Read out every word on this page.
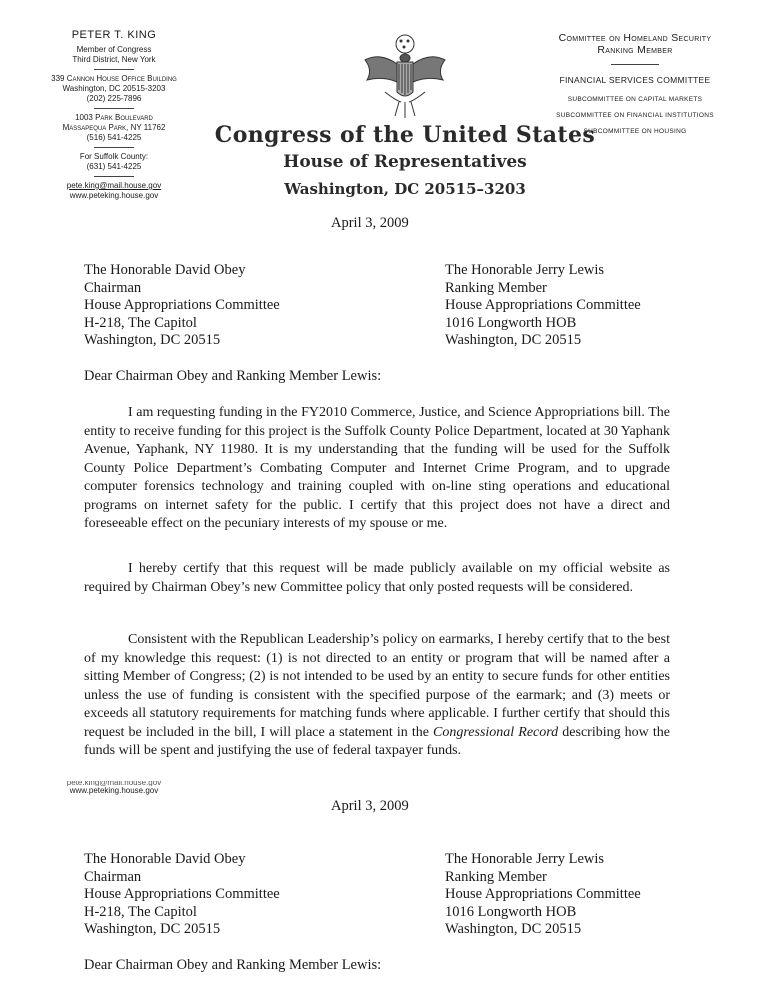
PETER T. KING
Member of Congress
Third District, New York
339 Cannon House Office Building
Washington, DC 20515-3203
(202) 225-7896
1003 Park Boulevard
Massapequa Park, NY 11762
(516) 541-4225
For Suffolk County:
(631) 541-4225
pete.king@mail.house.gov
www.peteking.house.gov
Congress of the United States
House of Representatives
Washington, DC 20515–3203
Committee on Homeland Security
Ranking Member
FINANCIAL SERVICES COMMITTEE
SUBCOMMITTEE ON CAPITAL MARKETS
SUBCOMMITTEE ON FINANCIAL INSTITUTIONS
SUBCOMMITTEE ON HOUSING
April 3, 2009
The Honorable David Obey
Chairman
House Appropriations Committee
H-218, The Capitol
Washington, DC 20515
The Honorable Jerry Lewis
Ranking Member
House Appropriations Committee
1016 Longworth HOB
Washington, DC 20515
Dear Chairman Obey and Ranking Member Lewis:
I am requesting funding in the FY2010 Commerce, Justice, and Science Appropriations bill. The entity to receive funding for this project is the Suffolk County Police Department, located at 30 Yaphank Avenue, Yaphank, NY 11980. It is my understanding that the funding will be used for the Suffolk County Police Department’s Combating Computer and Internet Crime Program, and to upgrade computer forensics technology and training coupled with on-line sting operations and educational programs on internet safety for the public. I certify that this project does not have a direct and foreseeable effect on the pecuniary interests of my spouse or me.
I hereby certify that this request will be made publicly available on my official website as required by Chairman Obey’s new Committee policy that only posted requests will be considered.
Consistent with the Republican Leadership’s policy on earmarks, I hereby certify that to the best of my knowledge this request: (1) is not directed to an entity or program that will be named after a sitting Member of Congress; (2) is not intended to be used by an entity to secure funds for other entities unless the use of funding is consistent with the specified purpose of the earmark; and (3) meets or exceeds all statutory requirements for matching funds where applicable. I further certify that should this request be included in the bill, I will place a statement in the Congressional Record describing how the funds will be spent and justifying the use of federal taxpayer funds.
pete.king@mail.house.gov
www.peteking.house.gov
April 3, 2009
The Honorable David Obey
Chairman
House Appropriations Committee
H-218, The Capitol
Washington, DC 20515
The Honorable Jerry Lewis
Ranking Member
House Appropriations Committee
1016 Longworth HOB
Washington, DC 20515
Dear Chairman Obey and Ranking Member Lewis:
